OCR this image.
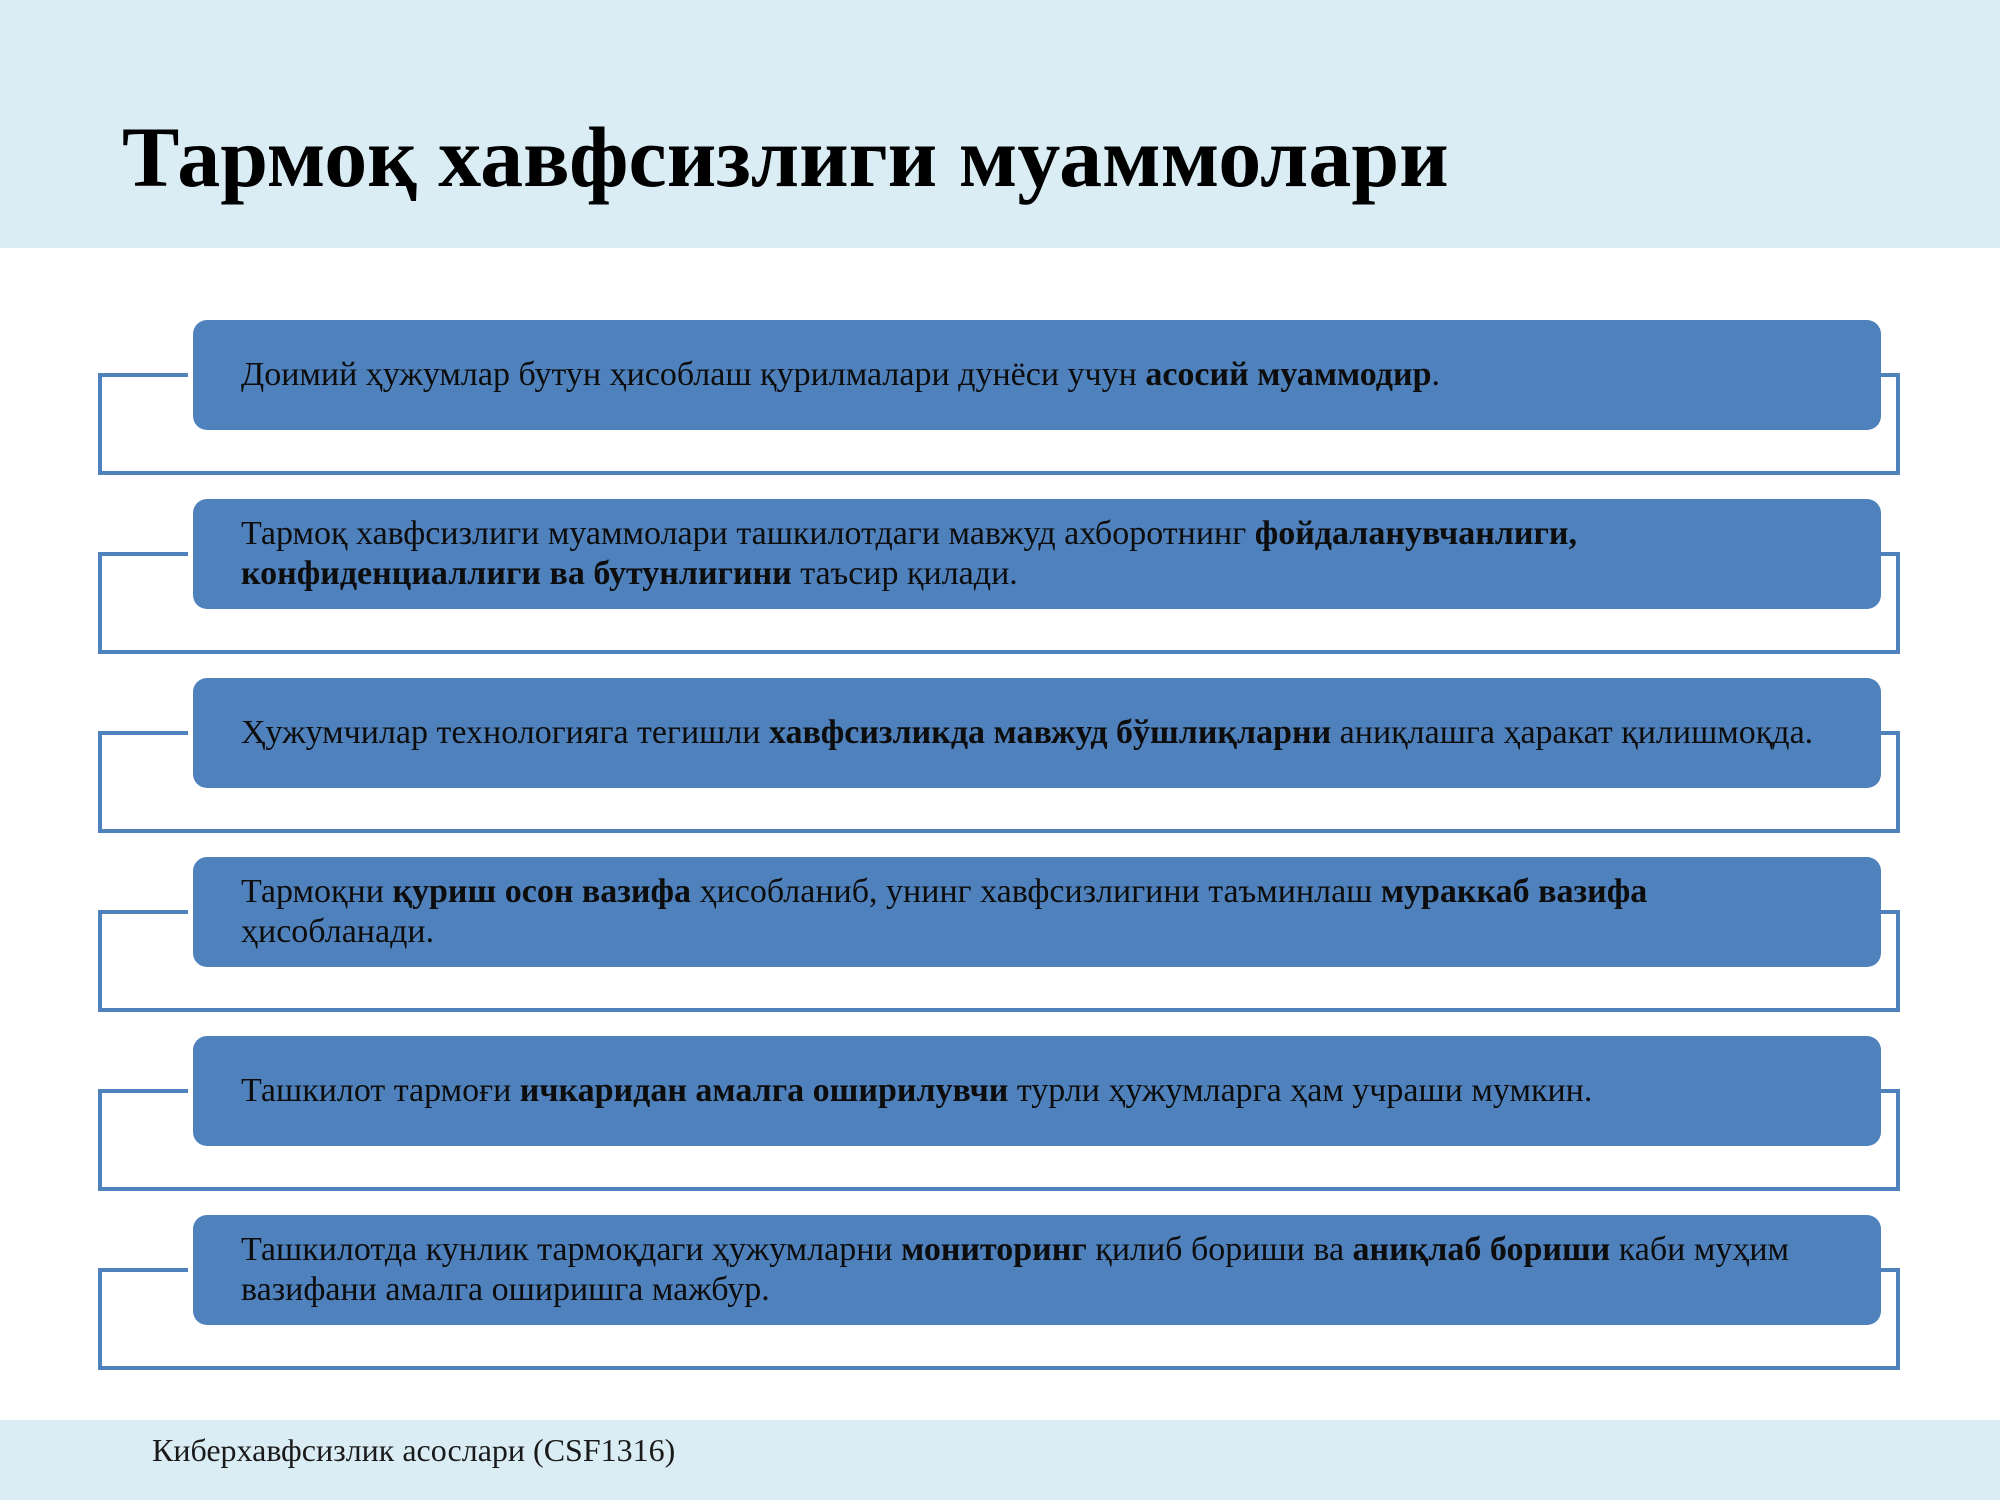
Тармоқ хавфсизлиги муаммолари
Доимий ҳужумлар бутун ҳисоблаш қурилмалари дунёси учун асосий муаммодир.
Тармоқ хавфсизлиги муаммолари ташкилотдаги мавжуд ахборотнинг фойдаланувчанлиги, конфиденциаллиги ва бутунлигини таъсир қилади.
Ҳужумчилар технологияга тегишли хавфсизликда мавжуд бўшлиқларни аниқлашга ҳаракат қилишмоқда.
Тармоқни қуриш осон вазифа ҳисобланиб, унинг хавфсизлигини таъминлаш мураккаб вазифа ҳисобланади.
Ташкилот тармоғи ичкаридан амалга оширилувчи турли ҳужумларга ҳам учраши мумкин.
Ташкилотда кунлик тармоқдаги ҳужумларни мониторинг қилиб бориши ва аниқлаб бориши каби муҳим вазифани амалга оширишга мажбур.
Киберхавфсизлик асослари (CSF1316)
